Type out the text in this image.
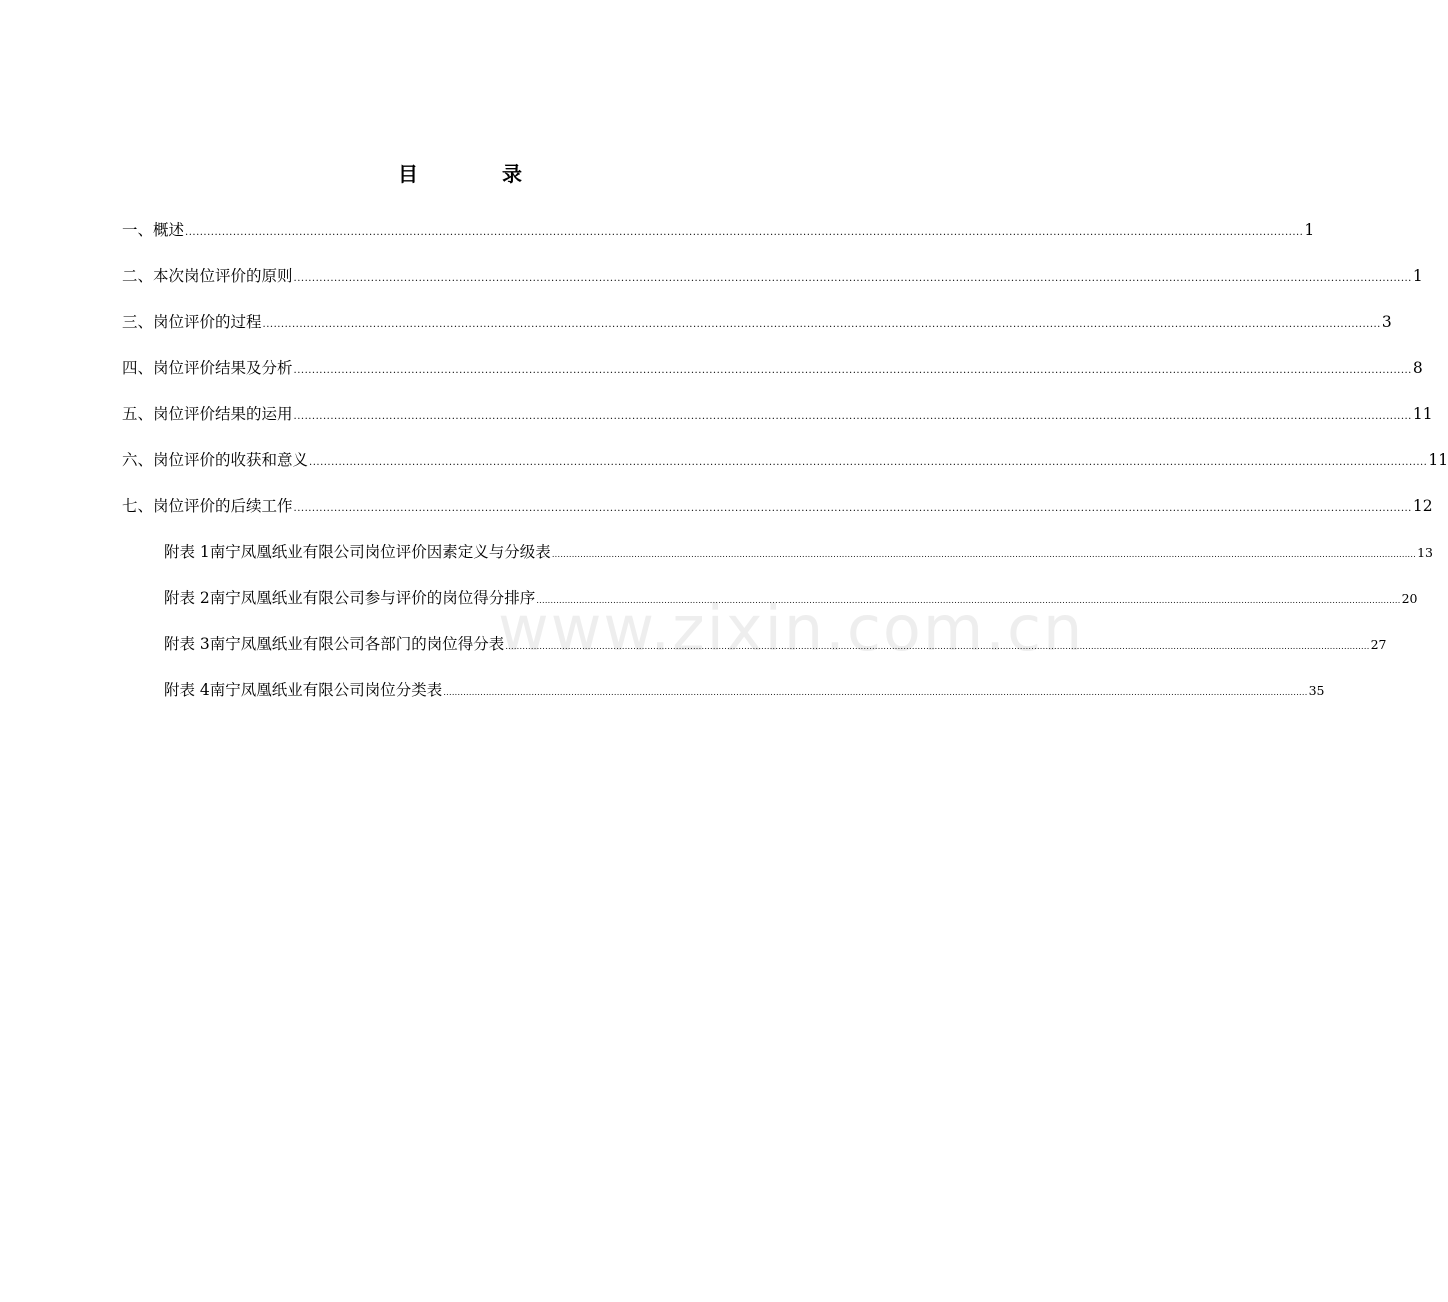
www.zixin.com.cn
目　录
一、 概述 .....	1
二、 本次岗位评价的原则 .....	1
三、 岗位评价的过程 .....	3
四、 岗位评价结果及分析 .....	8
五、 岗位评价结果的运用 .....	11
六、 岗位评价的收获和意义 .....	11
七、 岗位评价的后续工作 .....	12
附表 1 南宁凤凰纸业有限公司岗位评价因素定义与分级表 .....	13
附表 2 南宁凤凰纸业有限公司参与评价的岗位得分排序 .....	20
附表 3 南宁凤凰纸业有限公司各部门的岗位得分表 .....	27
附表 4 南宁凤凰纸业有限公司岗位分类表 .....	35
